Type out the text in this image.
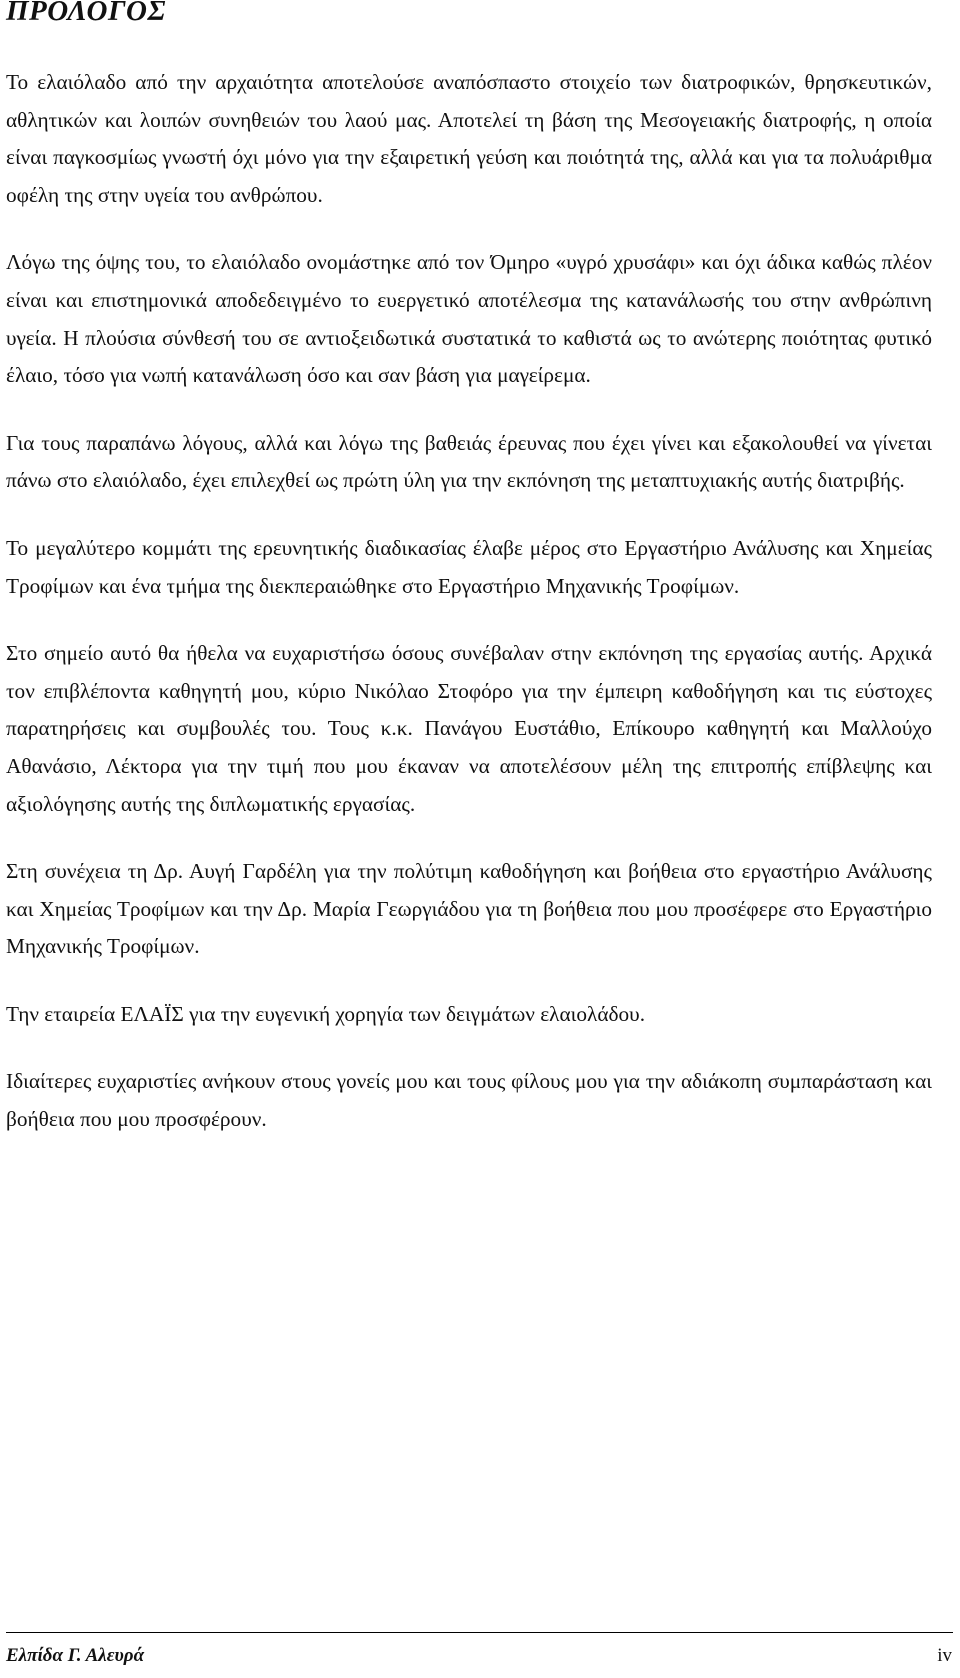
ΠΡΟΛΟΓΟΣ

Το ελαιόλαδο από την αρχαιότητα αποτελούσε αναπόσπαστο στοιχείο των διατροφικών, θρησκευτικών, αθλητικών και λοιπών συνηθειών του λαού μας. Αποτελεί τη βάση της Μεσογειακής διατροφής, η οποία είναι παγκοσμίως γνωστή όχι μόνο για την εξαιρετική γεύση και ποιότητά της, αλλά και για τα πολυάριθμα οφέλη της στην υγεία του ανθρώπου.

Λόγω της όψης του, το ελαιόλαδο ονομάστηκε από τον Όμηρο «υγρό χρυσάφι» και όχι άδικα καθώς πλέον είναι και επιστημονικά αποδεδειγμένο το ευεργετικό αποτέλεσμα της κατανάλωσής του στην ανθρώπινη υγεία. Η πλούσια σύνθεσή του σε αντιοξειδωτικά συστατικά το καθιστά ως το ανώτερης ποιότητας φυτικό έλαιο, τόσο για νωπή κατανάλωση όσο και σαν βάση για μαγείρεμα.

Για τους παραπάνω λόγους, αλλά και λόγω της βαθειάς έρευνας που έχει γίνει και εξακολουθεί να γίνεται πάνω στο ελαιόλαδο, έχει επιλεχθεί ως πρώτη ύλη για την εκπόνηση της μεταπτυχιακής αυτής διατριβής.

Το μεγαλύτερο κομμάτι της ερευνητικής διαδικασίας έλαβε μέρος στο Εργαστήριο Ανάλυσης και Χημείας Τροφίμων και ένα τμήμα της διεκπεραιώθηκε στο Εργαστήριο Μηχανικής Τροφίμων.

Στο σημείο αυτό θα ήθελα να ευχαριστήσω όσους συνέβαλαν στην εκπόνηση της εργασίας αυτής. Αρχικά τον επιβλέποντα καθηγητή μου, κύριο Νικόλαο Στοφόρο για την έμπειρη καθοδήγηση και τις εύστοχες παρατηρήσεις και συμβουλές του. Τους κ.κ. Πανάγου Ευστάθιο, Επίκουρο καθηγητή και Μαλλούχο Αθανάσιο, Λέκτορα για την τιμή που μου έκαναν να αποτελέσουν μέλη της επιτροπής επίβλεψης και αξιολόγησης αυτής της διπλωματικής εργασίας.

Στη συνέχεια τη Δρ. Αυγή Γαρδέλη για την πολύτιμη καθοδήγηση και βοήθεια στο εργαστήριο Ανάλυσης και Χημείας Τροφίμων και την Δρ. Μαρία Γεωργιάδου για τη βοήθεια που μου προσέφερε στο Εργαστήριο Μηχανικής Τροφίμων.

Την εταιρεία ΕΛΑΪΣ για την ευγενική χορηγία των δειγμάτων ελαιολάδου.

Ιδιαίτερες ευχαριστίες ανήκουν στους γονείς μου και τους φίλους μου για την αδιάκοπη συμπαράσταση και βοήθεια που μου προσφέρουν.

Ελπίδα Γ. Αλευρά	iv
